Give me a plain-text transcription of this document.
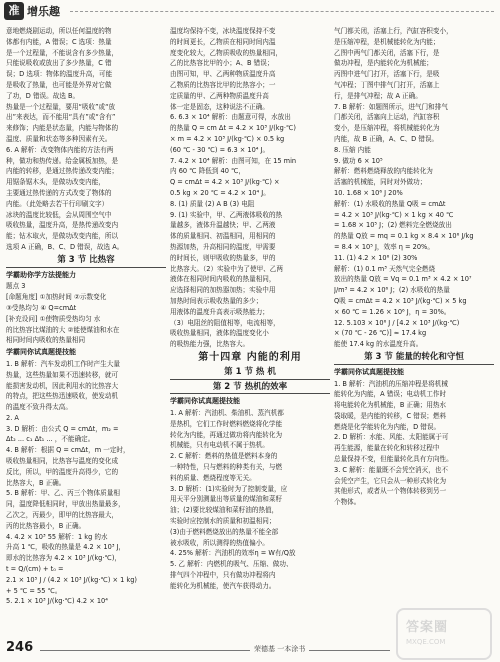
准 增乐趣

意地燃烧剧运动，所以任何温度的物

体都有内能，A 错误；C 选项：热量

是一个过程量，不能说含有多少热量，

只能说吸收或放出了多少热量，C 错

误；D 选项：物体的温度升高，可能

是吸收了热量，也可能是外界对它做

了功，D 错误。故选 B。

热量是一个过程量，要用“吸收”或“放

出”来表达，而不能用“具有”或“含有”

来修饰；内能是状态量，内能与物体的

温度、质量和状态等多种因素有关。

6. A 解析：改变物体内能的方法有两

种，做功和热传递。给金属板加热，是

内能的转移，是通过热传递改变内能；

用锯条锯木头，是做功改变内能，

主要通过热传递的方式改变了物体的

内能。（此处略去若干行印刷文字）

冰块的温度比较低，会从周围空气中

吸收热量，温度升高，是热传递改变内

能；钻木取火，是做功改变内能，所以

选项 A 正确，B、C、D 错误，故选 A。

第 3 节 比热容
学霸助你学方法提能力

题点 3

[命题角度] ①加热时间 ②示数变化

③受热均匀 ④ Q=cmΔt

[补充设问] ①使物质受热均匀 水

的比热容比煤油的大 ②能使煤油和水在

相同时间内吸收的热量相同

学霸同你试真题提技能

1. B 解析：汽车发动机工作时产生大量

热量，这些热量如果不迅速转移，就可

能损害发动机，因此利用水的比热容大

的特点，把这些热迅速吸收，使发动机

的温度不致升得太高。

2. A

3. D 解析：由公式 Q = cmΔt，m₂ =

Δt₂ ... c₁ Δt₁ ... ，不能确定。

4. B 解析：根据 Q = cmΔt，m 一定时，

吸收热量相同，比热容与温度的变化成

反比，所以，甲的温度升高得少，它的

比热容大，B 正确。

5. B 解析：甲、乙、丙三个物体质量相

同，温度降低相同时，甲放出热量最多，

乙次之，丙最少，即甲的比热容最大，

丙的比热容最小，B 正确。

4. 4.2 × 10³ 55 解析：1 kg 的水

升高 1 ℃，吸收的热量是 4.2 × 10³ J，

即水的比热容为 4.2 × 10³ J/(kg·℃)，

t = Q/(cm) + t₀ =

2.1 × 10⁵ J / (4.2 × 10³ J/(kg·℃) × 1 kg)

+ 5 ℃ = 55 ℃。

5. 2.1 × 10³ J/(kg·℃) 4.2 × 10⁴

温度均保持不变，冰块温度保持不变

的时间更长，乙物质在相同时间内温

度变化较大，乙物质吸收的热量相同，

乙的比热容比甲的小；A、B 错误；

由图可知，甲、乙两种物质温度升高

乙物质的比热容比甲的比热容小；一

定质量的甲、乙两种物质温度升高

体一定是固态，这种说法不正确。

6. 6.3 × 10⁴ 解析：由题意可得，水放出

的热量 Q = cm Δt = 4.2 × 10³ J/(kg·℃)

× m = 4.2 × 10³ J/(kg·℃) × 0.5 kg

(60 ℃ - 30 ℃) = 6.3 × 10⁴ J。

7. 4.2 × 10⁴ 解析：由图可知，在 15 min

内 60 ℃ 降低到 40 ℃，

Q = cmΔt = 4.2 × 10³ J/(kg·℃) ×

0.5 kg × 20 ℃ = 4.2 × 10⁴ J。

8. (1) 质量 (2) A B (3) 电阻

9. (1) 实验中，甲、乙两液体吸收的热

量越多，液体升温越快；甲、乙两液

体的质量相同、初温相同，用相同的

热源加热，升高相同的温度，甲需要

的时间长，则甲吸收的热量多，甲的

比热容大。（2）实验中为了使甲、乙两

液体在相同时间内吸收的热量相同，

应选择相同的加热器加热；实验中用

加热时间表示吸收热量的多少；

用液体的温度升高表示吸热能力；

（3）电阻丝的阻值相等，电流相等，

吸收热量相同，液体的温度变化小

的吸热能力强，比热容大。

第十四章 内能的利用
第 1 节 热 机
第 2 节 热机的效率
学霸同你试真题提技能

1. A 解析：汽油机、柴油机、蒸汽机都

是热机，它们工作时燃料燃烧将化学能

转化为内能，再通过做功将内能转化为

机械能，只有电动机不属于热机。

2. C 解析：燃料的热值是燃料本身的

一种特性，只与燃料的种类有关，与燃

料的质量、燃烧程度等无关。

3. D 解析：(1)实验时为了控制变量，应

用天平分别测量出等质量的煤油和菜籽

油；(2)要比较煤油和菜籽油的热值，

实验时应控制水的质量和初温相同；

(3)由于燃料燃烧放出的热量不能全部

被水吸收，所以测得的热值偏小。

4. 25% 解析：汽油机的效率η = W有/Q放

5. 乙 解析：内燃机的吸气、压缩、做功、

排气四个冲程中，只有做功冲程将内

能转化为机械能，使汽车获得动力。

气门都关闭，活塞上行，汽缸容积变小，

是压缩冲程，是机械能转化为内能；

乙图中两气门都关闭，活塞下行，是

做功冲程，是内能转化为机械能；

丙图中进气门打开，活塞下行，是吸

气冲程；丁图中排气门打开，活塞上

行，是排气冲程；故 A 正确。

7. B 解析：如题图所示，进气门和排气

门都关闭，活塞向上运动，汽缸容积

变小，是压缩冲程，将机械能转化为

内能，故 B 正确，A、C、D 错误。

8. 压缩 内能

9. 做功 6 × 10⁵

解析：燃料燃烧释放的内能转化为

活塞的机械能，同时对外做功；

10. 1.68 × 10⁶ J 20%

解析：(1) 水吸收的热量 Q吸 = cmΔt

= 4.2 × 10³ J/(kg·℃) × 1 kg × 40 ℃

= 1.68 × 10⁵ J；(2) 燃料完全燃烧放出

的热量 Q放 = mq = 0.1 kg × 8.4 × 10⁶ J/kg

= 8.4 × 10⁵ J，效率 η = 20%。

11. (1) 4.2 × 10⁶ (2) 30%

解析：(1) 0.1 m³ 天然气完全燃烧

放出的热量 Q放 = Vq = 0.1 m³ × 4.2 × 10⁷

J/m³ = 4.2 × 10⁶ J；(2) 水吸收的热量

Q吸 = cmΔt = 4.2 × 10³ J/(kg·℃) × 5 kg

× 60 ℃ = 1.26 × 10⁶ J，η = 30%。

12. 5.103 × 10⁶ J / [4.2 × 10³ J/(kg·℃)

× (70 ℃ - 26 ℃)] ≈ 17.4 kg

能使 17.4 kg 的水温度升高。

第 3 节 能量的转化和守恒
学霸同你试真题提技能

1. B 解析：汽油机的压缩冲程是将机械

能转化为内能，A 错误；电动机工作时

将电能转化为机械能，B 正确；用热水

袋取暖，是内能的转移，C 错误；燃料

燃烧是化学能转化为内能，D 错误。

2. D 解析：水能、风能、太阳能属于可

再生能源，能量在转化和转移过程中

总量保持不变，但能量转化具有方向性。

3. C 解析：能量既不会凭空消灭，也不

会凭空产生，它只会从一种形式转化为

其他形式，或者从一个物体转移到另一

个物体。

答案圈
MXQE.COM
246	荣德基 一本涂书
